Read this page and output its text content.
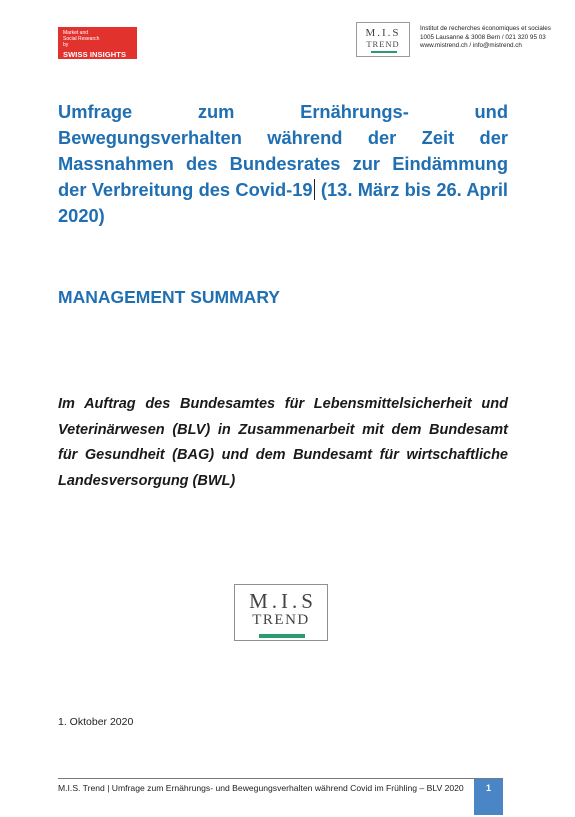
Market and Social Research by
SWISS INSIGHTS
M.I.S
TREND
Institut de recherches économiques et sociales
1005 Lausanne & 3008 Bern / 021 320 95 03
www.mistrend.ch / info@mistrend.ch
Umfrage zum Ernährungs- und Bewegungsverhalten während der Zeit der Massnahmen des Bundesrates zur Eindämmung der Verbreitung des Covid-19 (13. März bis 26. April 2020)
MANAGEMENT SUMMARY

Im Auftrag des Bundesamtes für Lebensmittelsicherheit und Veterinärwesen (BLV) in Zusammenarbeit mit dem Bundesamt für Gesundheit (BAG) und dem Bundesamt für wirtschaftliche Landesversorgung (BWL)

M.I.S
TREND

1. Oktober 2020

M.I.S. Trend | Umfrage zum Ernährungs- und Bewegungsverhalten während Covid im Frühling – BLV 2020	1
